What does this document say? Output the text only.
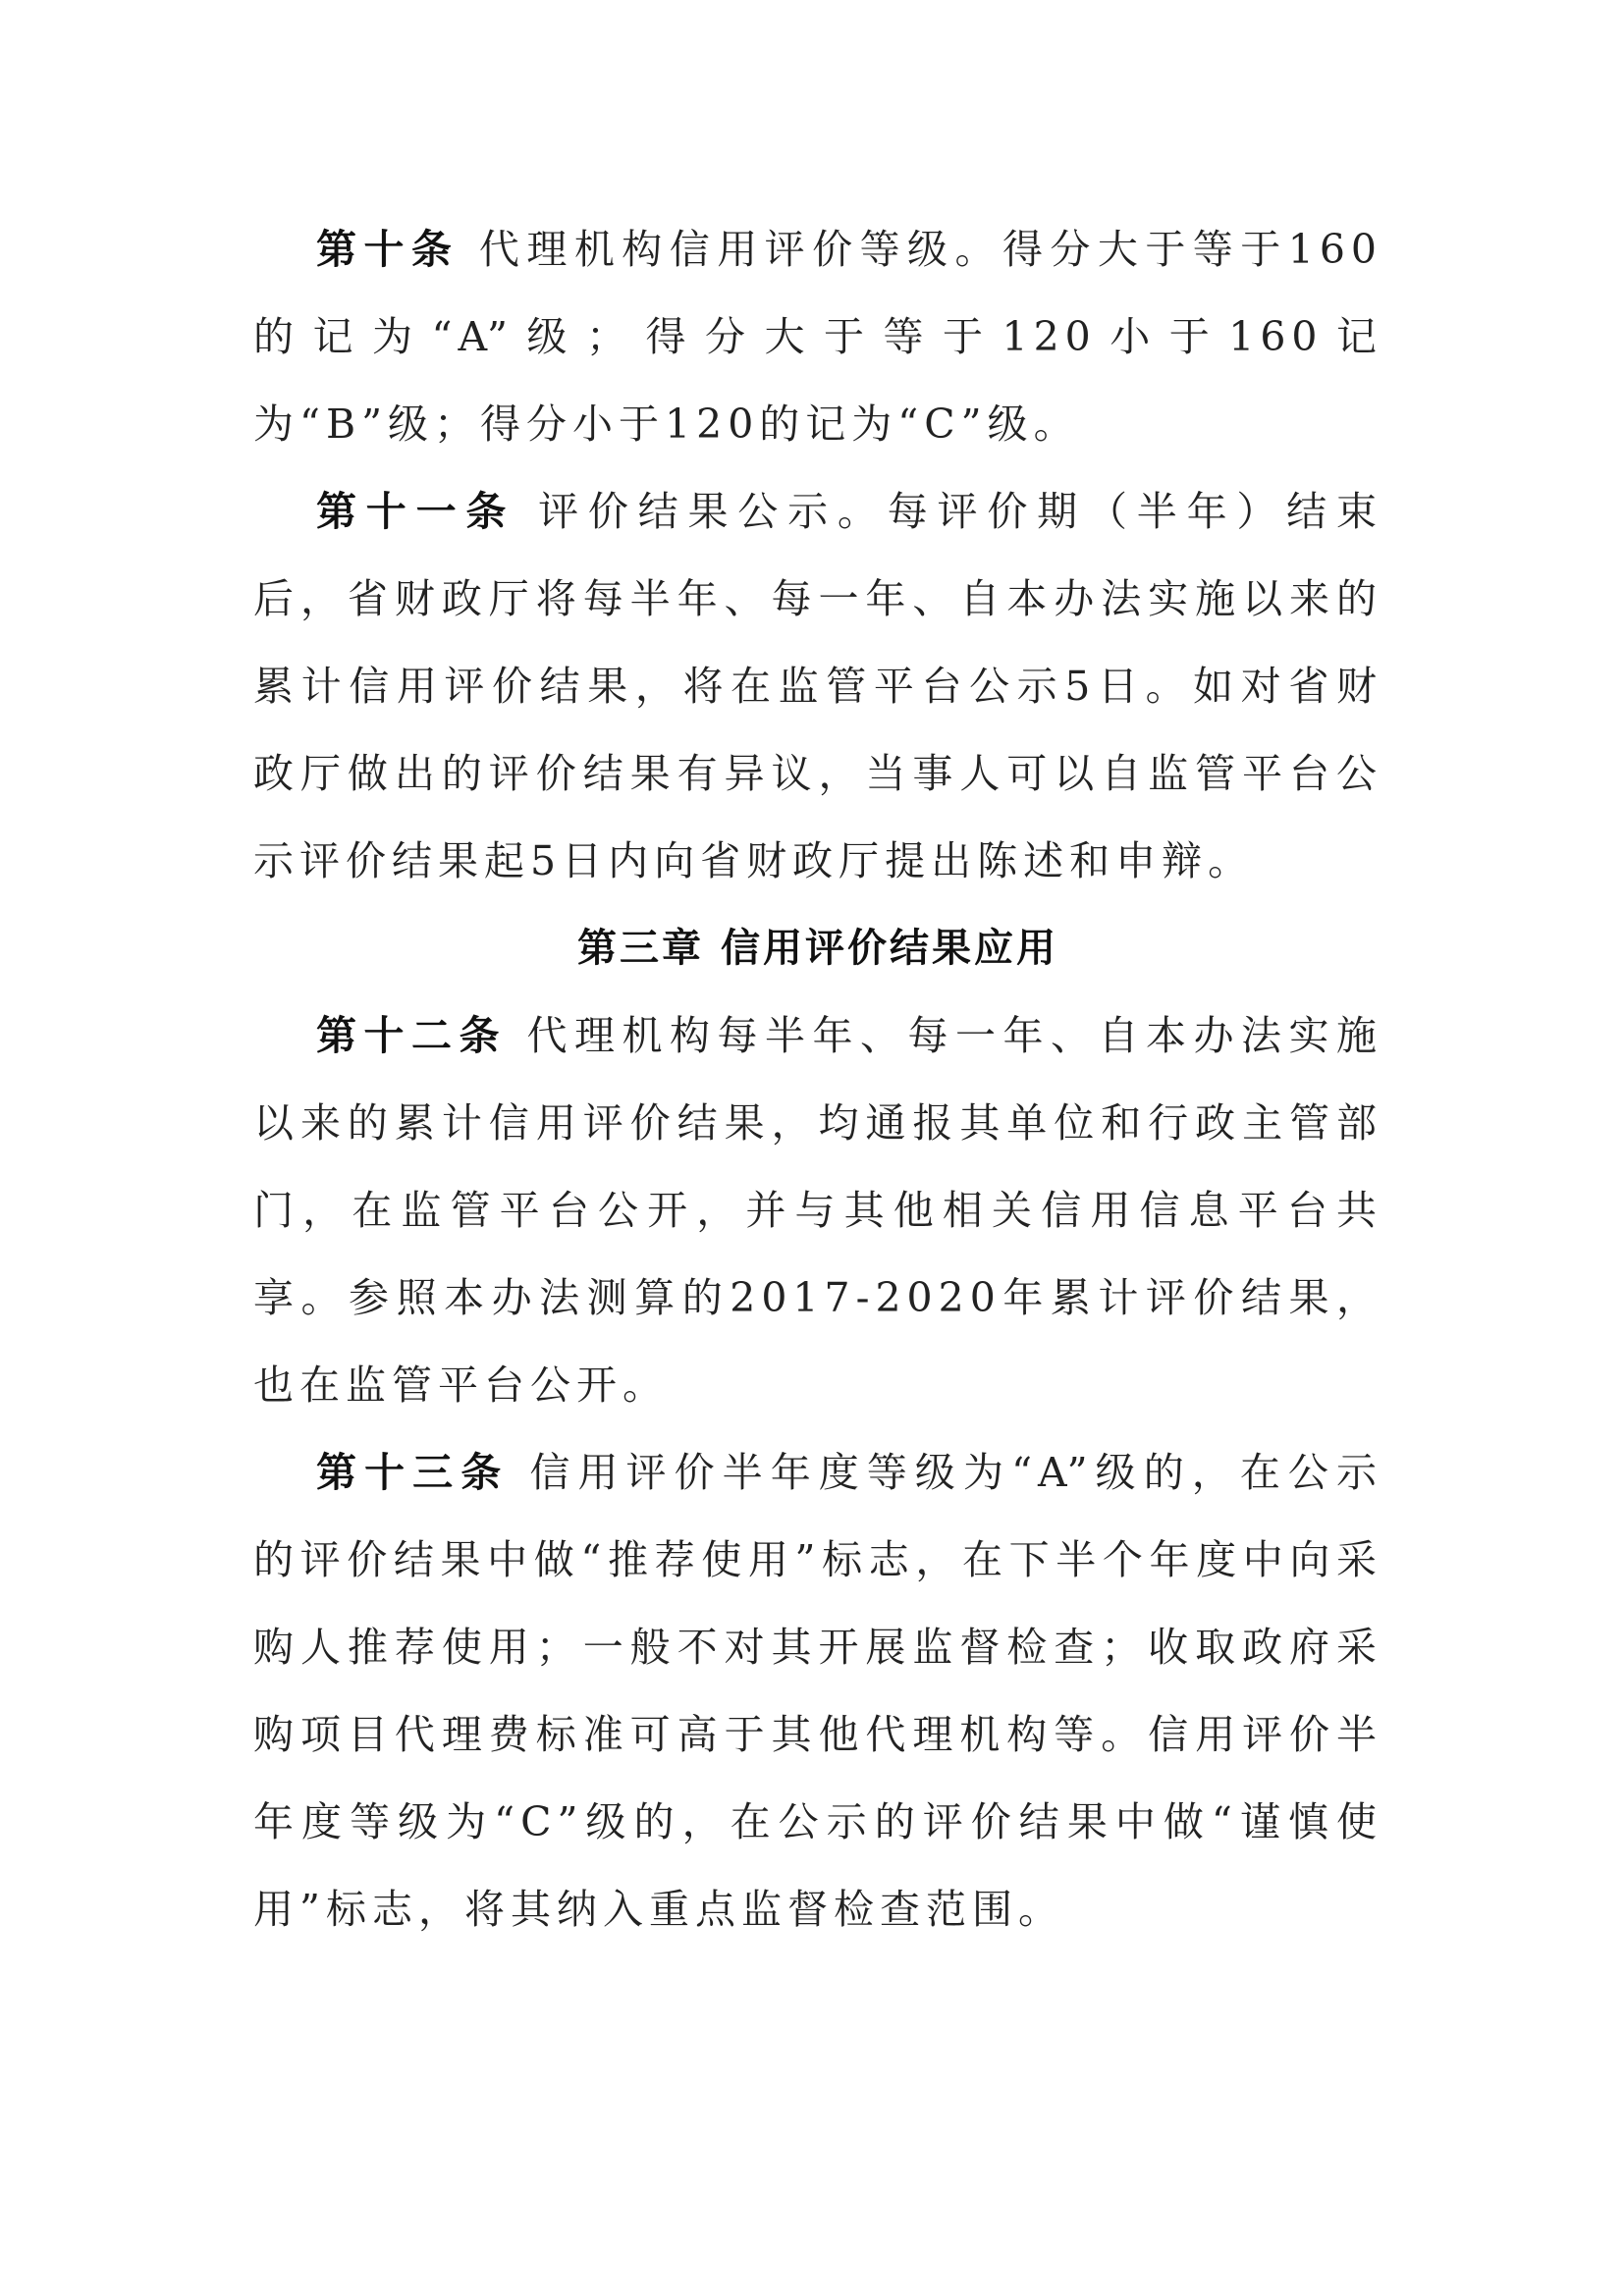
第十条 代理机构信用评价等级。得分大于等于160的记为“A”级；得分大于等于120小于160记为“B”级；得分小于120的记为“C”级。

第十一条 评价结果公示。每评价期（半年）结束后，省财政厅将每半年、每一年、自本办法实施以来的累计信用评价结果，将在监管平台公示5日。如对省财政厅做出的评价结果有异议，当事人可以自监管平台公示评价结果起5日内向省财政厅提出陈述和申辩。

第三章 信用评价结果应用

第十二条 代理机构每半年、每一年、自本办法实施以来的累计信用评价结果，均通报其单位和行政主管部门，在监管平台公开，并与其他相关信用信息平台共享。参照本办法测算的2017-2020年累计评价结果，也在监管平台公开。

第十三条 信用评价半年度等级为“A”级的，在公示的评价结果中做“推荐使用”标志，在下半个年度中向采购人推荐使用；一般不对其开展监督检查；收取政府采购项目代理费标准可高于其他代理机构等。信用评价半年度等级为“C”级的，在公示的评价结果中做“谨慎使用”标志，将其纳入重点监督检查范围。
